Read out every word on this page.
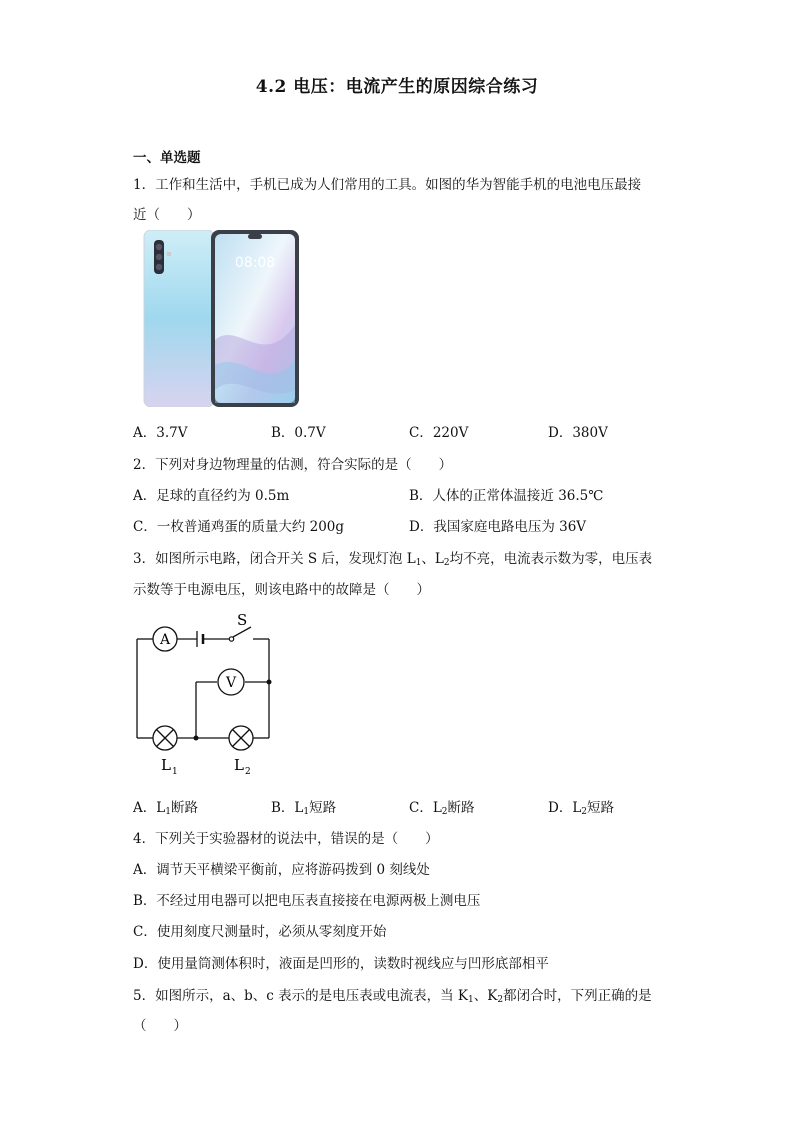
4.2 电压：电流产生的原因综合练习
一、单选题
1．工作和生活中，手机已成为人们常用的工具。如图的华为智能手机的电池电压最接
近（　　）
08:08
A．3.7V	B．0.7V	C．220V	D．380V
2．下列对身边物理量的估测，符合实际的是（　　）
A．足球的直径约为 0.5m	B．人体的正常体温接近 36.5℃
C．一枚普通鸡蛋的质量大约 200g	D．我国家庭电路电压为 36V
3．如图所示电路，闭合开关 S 后，发现灯泡 $L_1$、$L_2$均不亮，电流表示数为零，电压表
示数等于电源电压，则该电路中的故障是（　　）
A
S
V
L 1	L 2
A．$L_1$断路	B．$L_1$短路	C．$L_2$断路	D．$L_2$短路
4．下列关于实验器材的说法中，错误的是（　　）
A．调节天平横梁平衡前，应将游码拨到 0 刻线处
B．不经过用电器可以把电压表直接接在电源两极上测电压
C．使用刻度尺测量时，必须从零刻度开始
D．使用量筒测体积时，液面是凹形的，读数时视线应与凹形底部相平
5．如图所示，a、b、c 表示的是电压表或电流表，当 $K_1$、$K_2$都闭合时，下列正确的是
（　　）
